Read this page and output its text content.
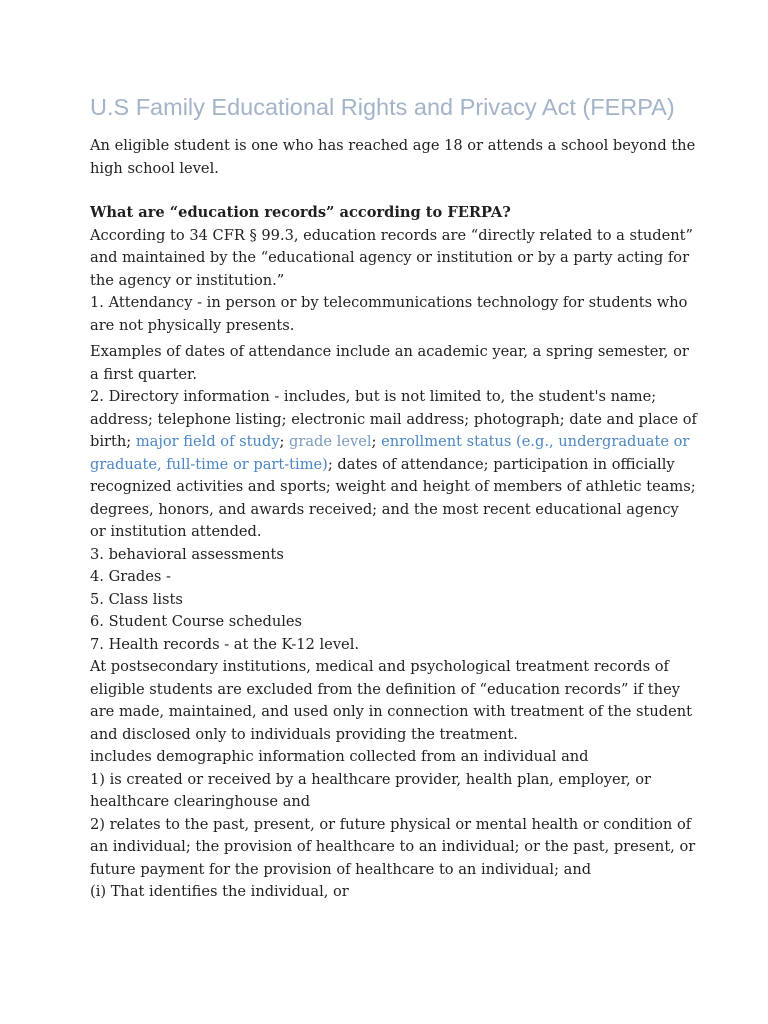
U.S Family Educational Rights and Privacy Act (FERPA)

An eligible student is one who has reached age 18 or attends a school beyond the high school level.

What are “education records” according to FERPA?

According to 34 CFR § 99.3, education records are “directly related to a student” and maintained by the “educational agency or institution or by a party acting for the agency or institution.”

1. Attendancy - in person or by telecommunications technology for students who are not physically presents.

Examples of dates of attendance include an academic year, a spring semester, or a first quarter.

2. Directory information - includes, but is not limited to, the student's name; address; telephone listing; electronic mail address; photograph; date and place of birth; major field of study; grade level; enrollment status (e.g., undergraduate or graduate, full-time or part-time); dates of attendance; participation in officially recognized activities and sports; weight and height of members of athletic teams; degrees, honors, and awards received; and the most recent educational agency or institution attended.

3. behavioral assessments

4. Grades -

5. Class lists

6. Student Course schedules

7. Health records - at the K-12 level.

At postsecondary institutions, medical and psychological treatment records of eligible students are excluded from the definition of “education records” if they are made, maintained, and used only in connection with treatment of the student and disclosed only to individuals providing the treatment.

includes demographic information collected from an individual and

1) is created or received by a healthcare provider, health plan, employer, or healthcare clearinghouse and

2) relates to the past, present, or future physical or mental health or condition of an individual; the provision of healthcare to an individual; or the past, present, or future payment for the provision of healthcare to an individual; and

(i) That identifies the individual, or
